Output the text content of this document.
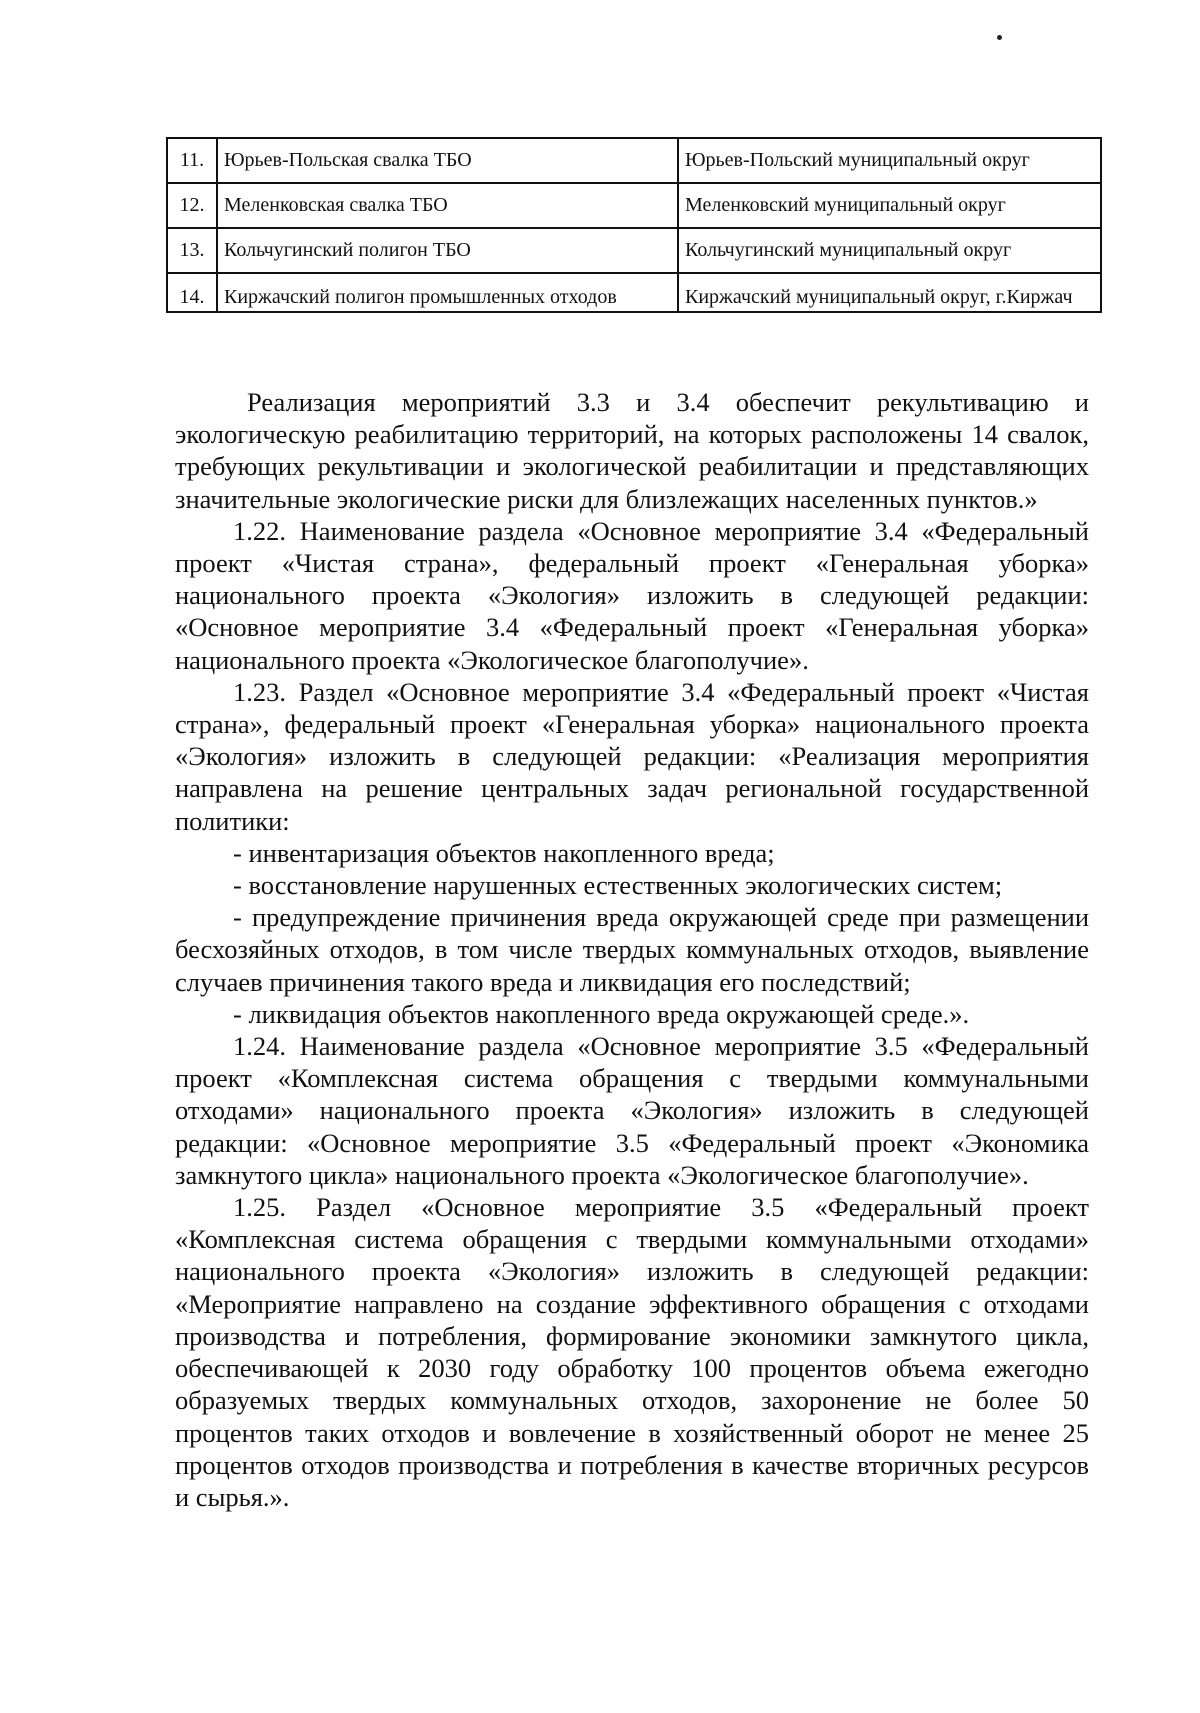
11.	Юрьев-Польская свалка ТБО	Юрьев-Польский муниципальный округ
12.	Меленковская свалка ТБО	Меленковский муниципальный округ
13.	Кольчугинский полигон ТБО	Кольчугинский муниципальный округ
14.	Киржачский полигон промышленных отходов	Киржачский муниципальный округ, г.Киржач

Реализация мероприятий 3.3 и 3.4 обеспечит рекультивацию и экологическую реабилитацию территорий, на которых расположены 14 свалок, требующих рекультивации и экологической реабилитации и представляющих значительные экологические риски для близлежащих населенных пунктов.»

1.22. Наименование раздела «Основное мероприятие 3.4 «Федеральный проект «Чистая страна», федеральный проект «Генеральная уборка» национального проекта «Экология» изложить в следующей редакции: «Основное мероприятие 3.4 «Федеральный проект «Генеральная уборка» национального проекта «Экологическое благополучие».

1.23. Раздел «Основное мероприятие 3.4 «Федеральный проект «Чистая страна», федеральный проект «Генеральная уборка» национального проекта «Экология» изложить в следующей редакции: «Реализация мероприятия направлена на решение центральных задач региональной государственной политики:

- инвентаризация объектов накопленного вреда;

- восстановление нарушенных естественных экологических систем;

- предупреждение причинения вреда окружающей среде при размещении бесхозяйных отходов, в том числе твердых коммунальных отходов, выявление случаев причинения такого вреда и ликвидация его последствий;

- ликвидация объектов накопленного вреда окружающей среде.».

1.24. Наименование раздела «Основное мероприятие 3.5 «Федеральный проект «Комплексная система обращения с твердыми коммунальными отходами» национального проекта «Экология» изложить в следующей редакции: «Основное мероприятие 3.5 «Федеральный проект «Экономика замкнутого цикла» национального проекта «Экологическое благополучие».

1.25. Раздел «Основное мероприятие 3.5 «Федеральный проект «Комплексная система обращения с твердыми коммунальными отходами» национального проекта «Экология» изложить в следующей редакции: «Мероприятие направлено на создание эффективного обращения с отходами производства и потребления, формирование экономики замкнутого цикла, обеспечивающей к 2030 году обработку 100 процентов объема ежегодно образуемых твердых коммунальных отходов, захоронение не более 50 процентов таких отходов и вовлечение в хозяйственный оборот не менее 25 процентов отходов производства и потребления в качестве вторичных ресурсов и сырья.».
